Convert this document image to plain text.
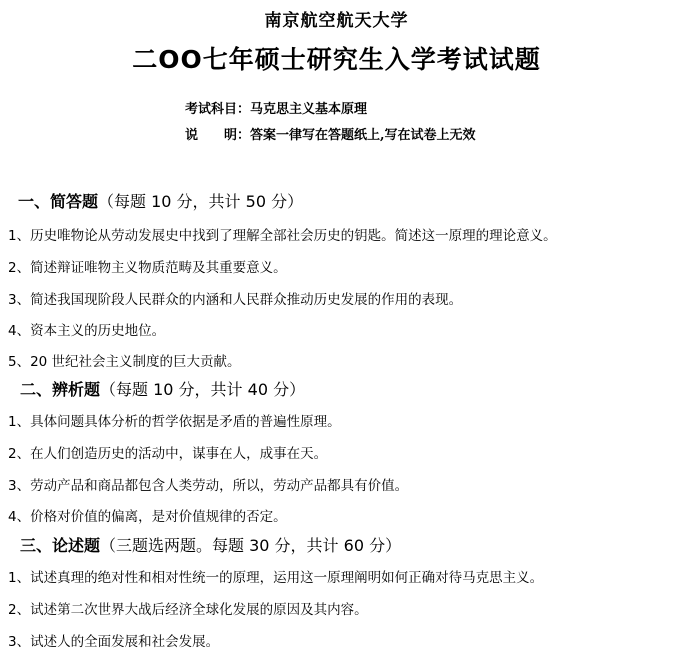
南京航空航天大学
二OO七年硕士研究生入学考试试题
考试科目：马克思主义基本原理
说　　明：答案一律写在答题纸上,写在试卷上无效
一、简答题（每题 10 分，共计 50 分）
1、历史唯物论从劳动发展史中找到了理解全部社会历史的钥匙。简述这一原理的理论意义。
2、简述辩证唯物主义物质范畴及其重要意义。
3、简述我国现阶段人民群众的内涵和人民群众推动历史发展的作用的表现。
4、资本主义的历史地位。
5、20 世纪社会主义制度的巨大贡献。
二、辨析题（每题 10 分，共计 40 分）
1、具体问题具体分析的哲学依据是矛盾的普遍性原理。
2、在人们创造历史的活动中，谋事在人，成事在天。
3、劳动产品和商品都包含人类劳动，所以，劳动产品都具有价值。
4、价格对价值的偏离，是对价值规律的否定。
三、论述题（三题选两题。每题 30 分，共计 60 分）
1、试述真理的绝对性和相对性统一的原理，运用这一原理阐明如何正确对待马克思主义。
2、试述第二次世界大战后经济全球化发展的原因及其内容。
3、试述人的全面发展和社会发展。
